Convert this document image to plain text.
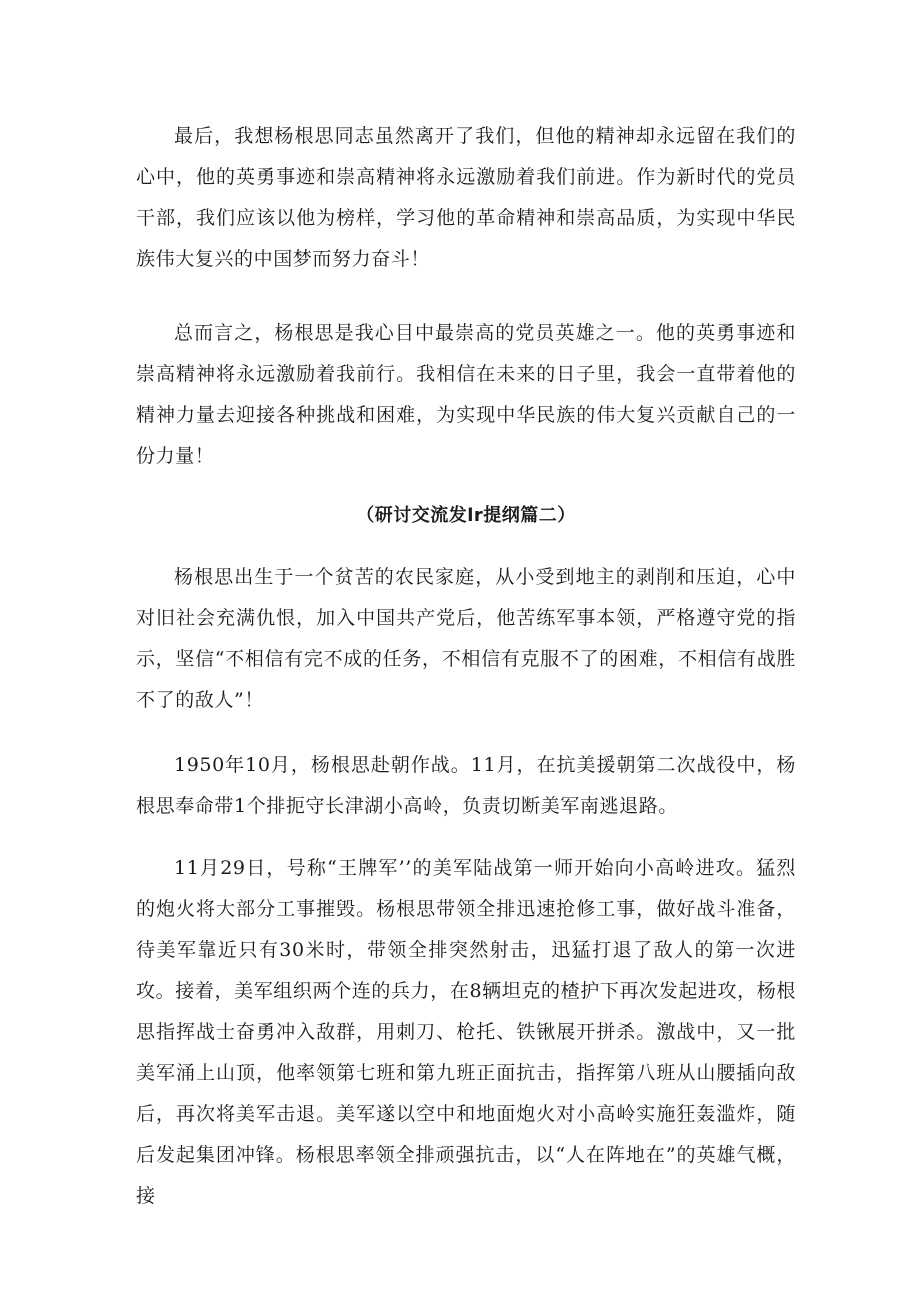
最后，我想杨根思同志虽然离开了我们，但他的精神却永远留在我们的心中，他的英勇事迹和崇高精神将永远激励着我们前进。作为新时代的党员干部，我们应该以他为榜样，学习他的革命精神和崇高品质，为实现中华民族伟大复兴的中国梦而努力奋斗！

总而言之，杨根思是我心目中最崇高的党员英雄之一。他的英勇事迹和崇高精神将永远激励着我前行。我相信在未来的日子里，我会一直带着他的精神力量去迎接各种挑战和困难，为实现中华民族的伟大复兴贡献自己的一份力量！

（研讨交流发lr提纲篇二）

杨根思出生于一个贫苦的农民家庭，从小受到地主的剥削和压迫，心中对旧社会充满仇恨，加入中国共产党后，他苦练军事本领，严格遵守党的指示，坚信“不相信有完不成的任务，不相信有克服不了的困难，不相信有战胜不了的敌人”！

1950年10月，杨根思赴朝作战。11月，在抗美援朝第二次战役中，杨根思奉命带1个排扼守长津湖小高岭，负责切断美军南逃退路。

11月29日，号称“王牌军’’的美军陆战第一师开始向小高岭进攻。猛烈的炮火将大部分工事摧毁。杨根思带领全排迅速抢修工事，做好战斗准备，待美军靠近只有30米时，带领全排突然射击，迅猛打退了敌人的第一次进攻。接着，美军组织两个连的兵力，在8辆坦克的楂护下再次发起进攻，杨根思指挥战士奋勇冲入敌群，用刺刀、枪托、铁锹展开拼杀。激战中，又一批美军涌上山顶，他率领第七班和第九班正面抗击，指挥第八班从山腰插向敌后，再次将美军击退。美军遂以空中和地面炮火对小高岭实施狂轰滥炸，随后发起集团冲锋。杨根思率领全排顽强抗击，以“人在阵地在”的英雄气概，接
